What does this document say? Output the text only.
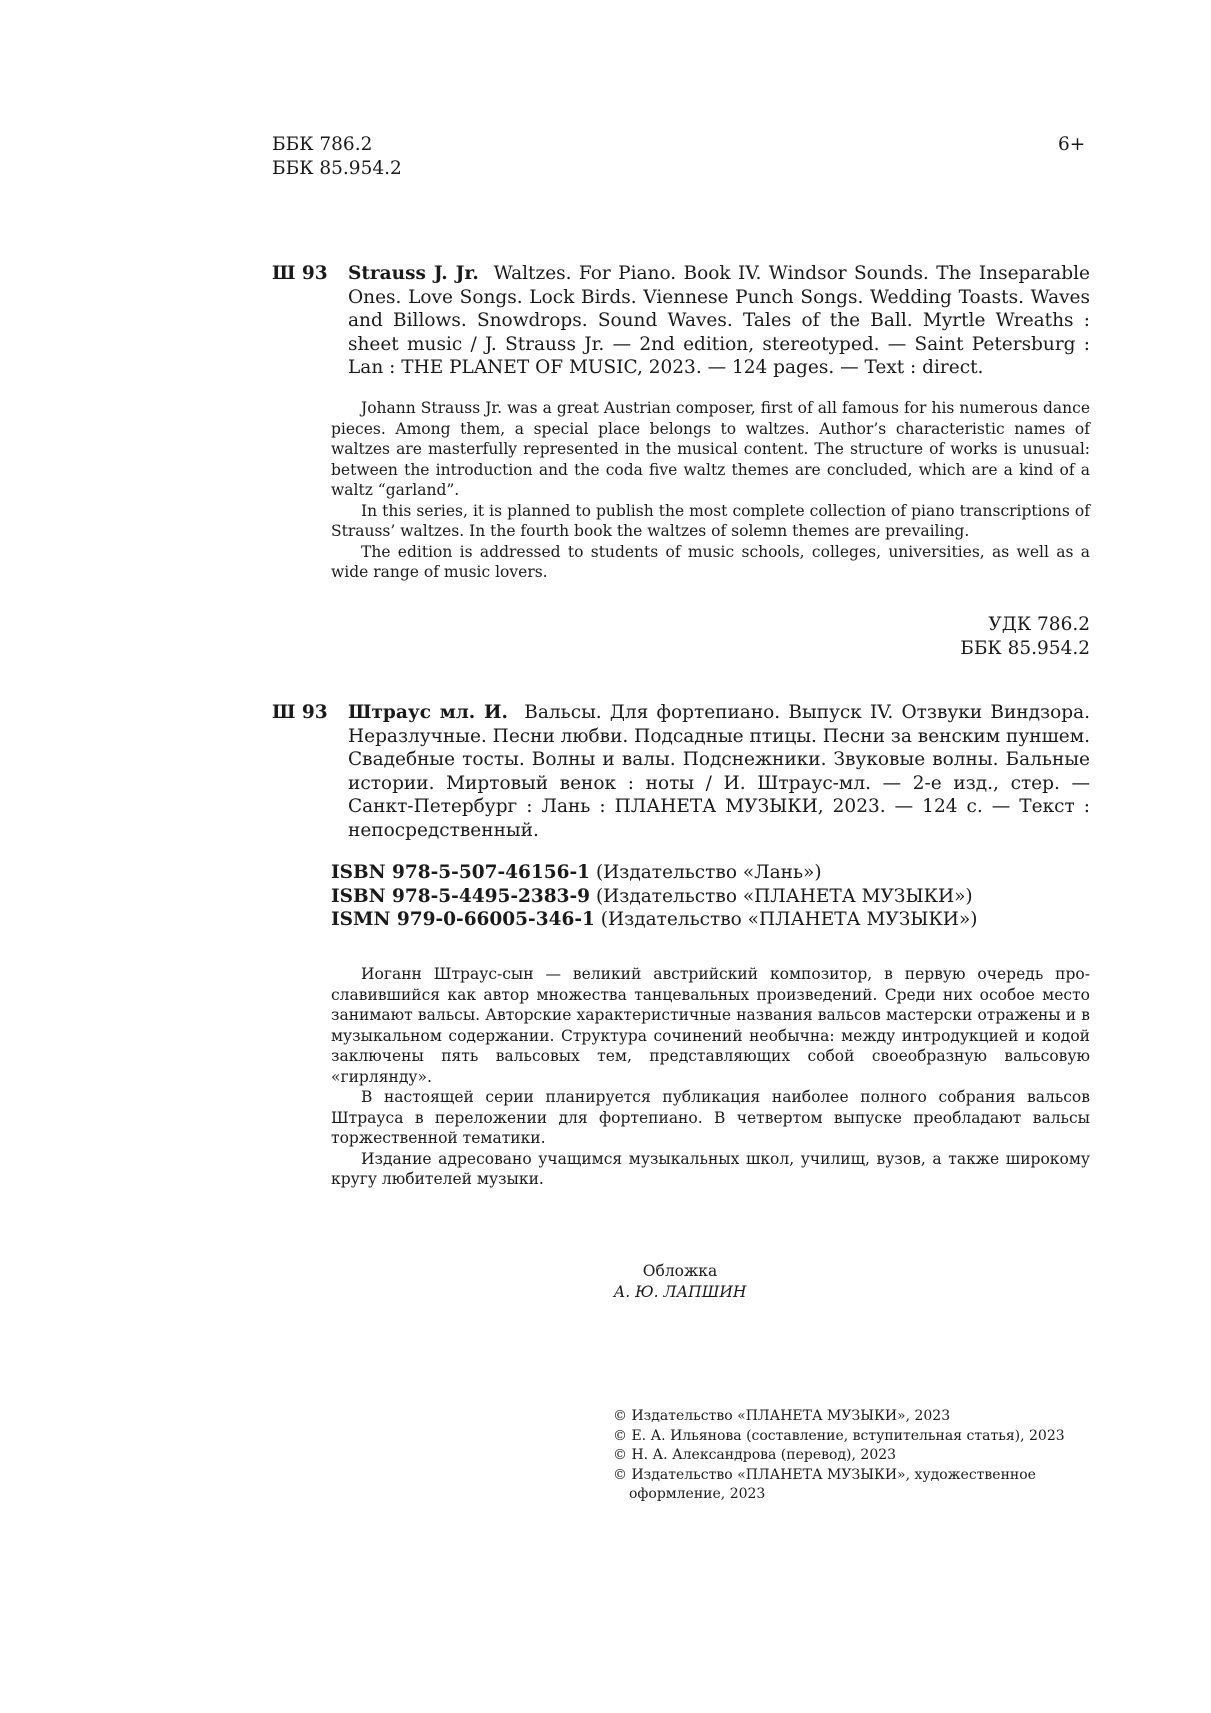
ББК 786.2
ББК 85.954.2
6+
Ш 93	Strauss J. Jr. Waltzes. For Piano. Book IV. Windsor Sounds. The Inseparable Ones. Love Songs. Lock Birds. Viennese Punch Songs. Wedding Toasts. Waves and Billows. Snowdrops. Sound Waves. Tales of the Ball. Myrtle Wreaths : sheet music / J. Strauss Jr. — 2nd edition, stereotyped. — Saint Petersburg : Lan : THE PLANET OF MUSIC, 2023. — 124 pages. — Text : direct.

Johann Strauss Jr. was a great Austrian composer, first of all famous for his numerous dance pieces. Among them, a special place belongs to waltzes. Author’s characteristic names of waltzes are masterfully represented in the musical content. The structure of works is unusual: between the introduction and the coda five waltz themes are concluded, which are a kind of a waltz “garland”.

In this series, it is planned to publish the most complete collection of piano transcriptions of Strauss’ waltzes. In the fourth book the waltzes of solemn themes are prevailing.

The edition is addressed to students of music schools, colleges, universities, as well as a wide range of music lovers.

УДК 786.2
ББК 85.954.2
Ш 93	Штраус мл. И. Вальсы. Для фортепиано. Выпуск IV. Отзвуки Виндзора. Неразлучные. Песни любви. Подсадные птицы. Песни за венским пуншем. Свадебные тосты. Волны и валы. Подснежники. Звуковые волны. Бальные истории. Миртовый венок : ноты / И. Штраус-мл. — 2-е изд., стер. — Санкт-Петербург : Лань : ПЛАНЕТА МУЗЫКИ, 2023. — 124 с. — Текст : непосредственный.
ISBN 978-5-507-46156-1 (Издательство «Лань»)
ISBN 978-5-4495-2383-9 (Издательство «ПЛАНЕТА МУЗЫКИ»)
ISMN 979-0-66005-346-1 (Издательство «ПЛАНЕТА МУЗЫКИ»)

Иоганн Штраус-сын — великий австрийский композитор, в первую очередь прославившийся как автор множества танцевальных произведений. Среди них особое место занимают вальсы. Авторские характеристичные названия вальсов мастерски отражены и в музыкальном содержании. Структура сочинений необычна: между интродукцией и кодой заключены пять вальсовых тем, представляющих собой своеобразную вальсовую «гирлянду».

В настоящей серии планируется публикация наиболее полного собрания вальсов Штрауса в переложении для фортепиано. В четвертом выпуске преобладают вальсы торжественной тематики.

Издание адресовано учащимся музыкальных школ, училищ, вузов, а также широкому кругу любителей музыки.

Обложка
А. Ю. ЛАПШИН
© Издательство «ПЛАНЕТА МУЗЫКИ», 2023
© Е. А. Ильянова (составление, вступительная статья), 2023
© Н. А. Александрова (перевод), 2023
© Издательство «ПЛАНЕТА МУЗЫКИ», художественное оформление, 2023
